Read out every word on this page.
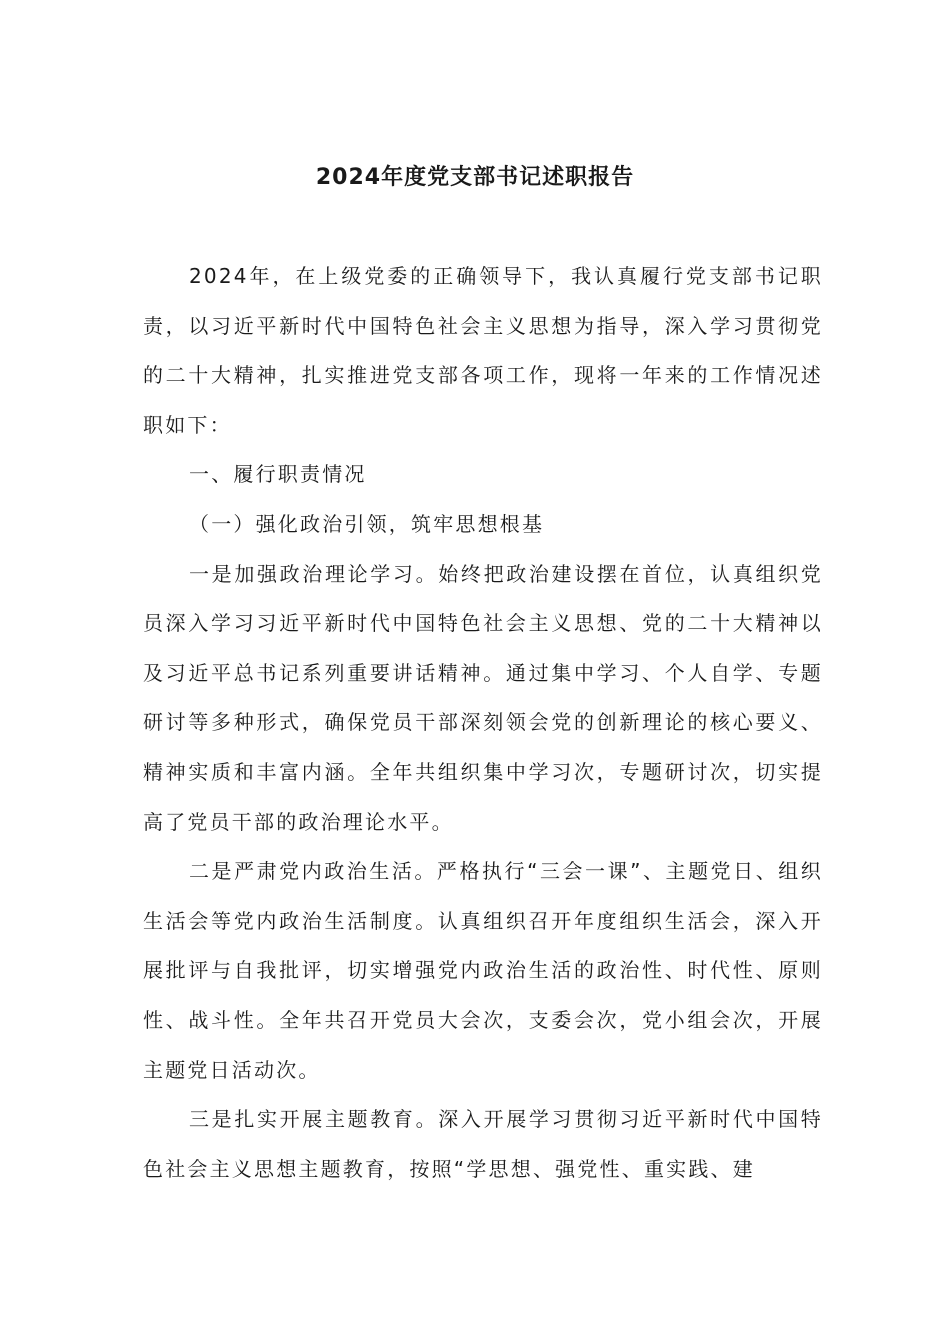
2024年度党支部书记述职报告

2024年，在上级党委的正确领导下，我认真履行党支部书记职责，以习近平新时代中国特色社会主义思想为指导，深入学习贯彻党的二十大精神，扎实推进党支部各项工作，现将一年来的工作情况述职如下：

一、履行职责情况

（一）强化政治引领，筑牢思想根基

一是加强政治理论学习。始终把政治建设摆在首位，认真组织党员深入学习习近平新时代中国特色社会主义思想、党的二十大精神以及习近平总书记系列重要讲话精神。通过集中学习、个人自学、专题研讨等多种形式，确保党员干部深刻领会党的创新理论的核心要义、精神实质和丰富内涵。全年共组织集中学习次，专题研讨次，切实提高了党员干部的政治理论水平。

二是严肃党内政治生活。严格执行“三会一课”、主题党日、组织生活会等党内政治生活制度。认真组织召开年度组织生活会，深入开展批评与自我批评，切实增强党内政治生活的政治性、时代性、原则性、战斗性。全年共召开党员大会次，支委会次，党小组会次，开展主题党日活动次。

三是扎实开展主题教育。深入开展学习贯彻习近平新时代中国特色社会主义思想主题教育，按照“学思想、强党性、重实践、建
